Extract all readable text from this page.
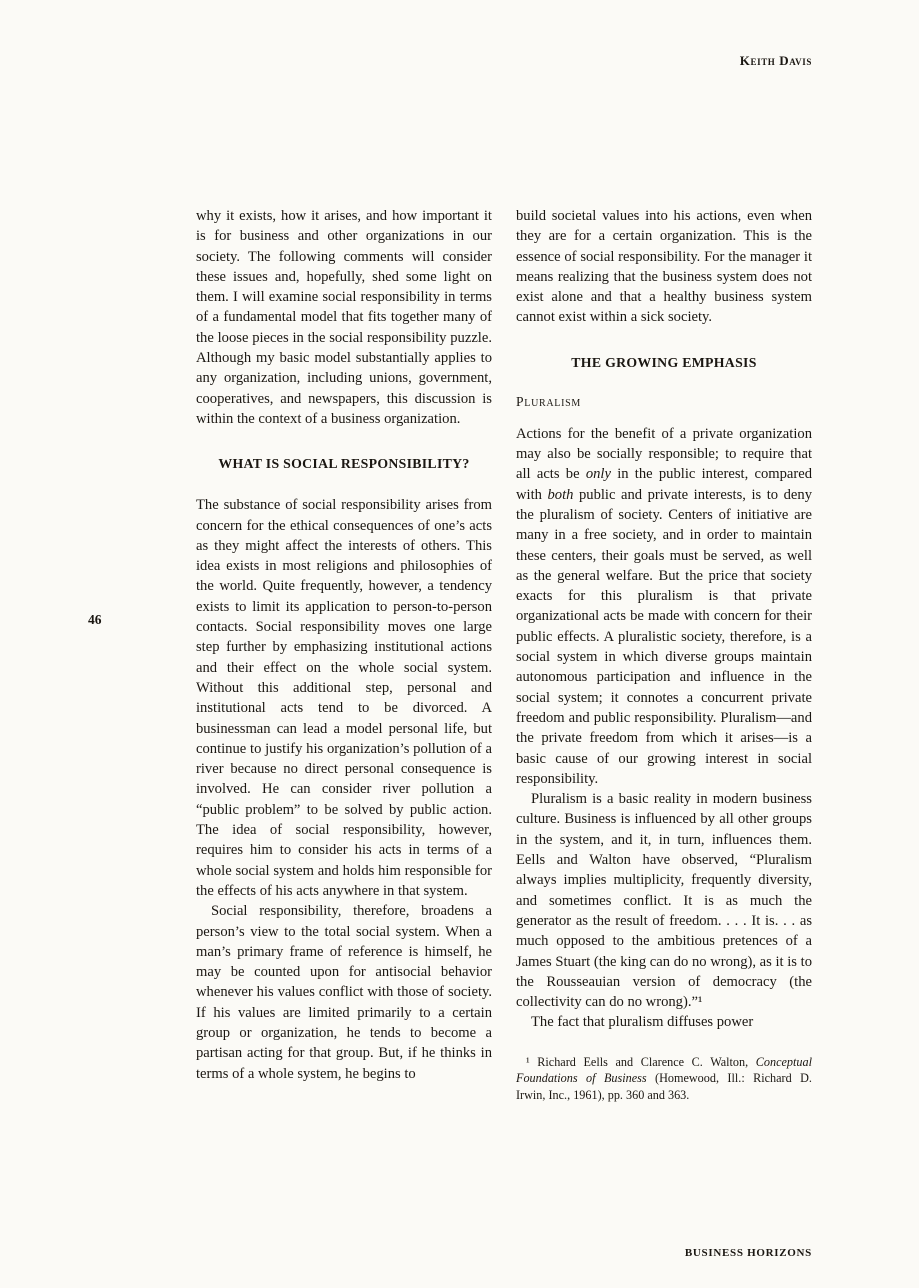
Keith Davis
46

why it exists, how it arises, and how important it is for business and other organizations in our society. The following comments will consider these issues and, hopefully, shed some light on them. I will examine social responsibility in terms of a fundamental model that fits together many of the loose pieces in the social responsibility puzzle. Although my basic model substantially applies to any organization, including unions, government, cooperatives, and newspapers, this discussion is within the context of a business organization.

WHAT IS SOCIAL RESPONSIBILITY?

The substance of social responsibility arises from concern for the ethical consequences of one’s acts as they might affect the interests of others. This idea exists in most religions and philosophies of the world. Quite frequently, however, a tendency exists to limit its application to person-to-person contacts. Social responsibility moves one large step further by emphasizing institutional actions and their effect on the whole social system. Without this additional step, personal and institutional acts tend to be divorced. A businessman can lead a model personal life, but continue to justify his organization’s pollution of a river because no direct personal consequence is involved. He can consider river pollution a “public problem” to be solved by public action. The idea of social responsibility, however, requires him to consider his acts in terms of a whole social system and holds him responsible for the effects of his acts anywhere in that system.

Social responsibility, therefore, broadens a person’s view to the total social system. When a man’s primary frame of reference is himself, he may be counted upon for antisocial behavior whenever his values conflict with those of society. If his values are limited primarily to a certain group or organization, he tends to become a partisan acting for that group. But, if he thinks in terms of a whole system, he begins to

build societal values into his actions, even when they are for a certain organization. This is the essence of social responsibility. For the manager it means realizing that the business system does not exist alone and that a healthy business system cannot exist within a sick society.

THE GROWING EMPHASIS
Pluralism

Actions for the benefit of a private organization may also be socially responsible; to require that all acts be only in the public interest, compared with both public and private interests, is to deny the pluralism of society. Centers of initiative are many in a free society, and in order to maintain these centers, their goals must be served, as well as the general welfare. But the price that society exacts for this pluralism is that private organizational acts be made with concern for their public effects. A pluralistic society, therefore, is a social system in which diverse groups maintain autonomous participation and influence in the social system; it connotes a concurrent private freedom and public responsibility. Pluralism—and the private freedom from which it arises—is a basic cause of our growing interest in social responsibility.

Pluralism is a basic reality in modern business culture. Business is influenced by all other groups in the system, and it, in turn, influences them. Eells and Walton have observed, “Pluralism always implies multiplicity, frequently diversity, and sometimes conflict. It is as much the generator as the result of freedom. . . . It is. . . as much opposed to the ambitious pretences of a James Stuart (the king can do no wrong), as it is to the Rousseauian version of democracy (the collectivity can do no wrong).”¹

The fact that pluralism diffuses power

¹ Richard Eells and Clarence C. Walton, Conceptual Foundations of Business (Homewood, Ill.: Richard D. Irwin, Inc., 1961), pp. 360 and 363.
BUSINESS HORIZONS
